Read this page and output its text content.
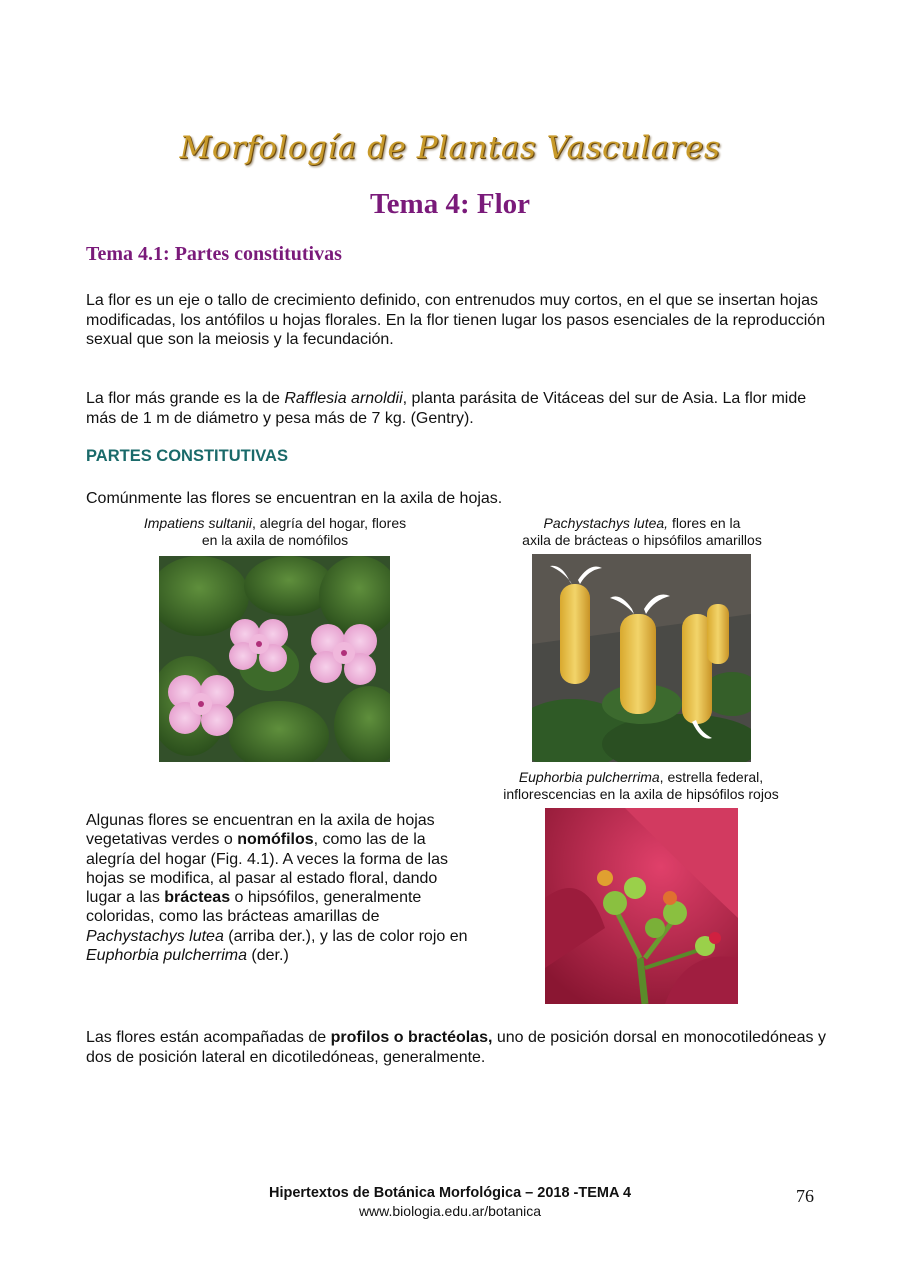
Morfología de Plantas Vasculares
Tema 4: Flor
Tema 4.1: Partes constitutivas
La flor es un eje o tallo de crecimiento definido, con entrenudos muy cortos, en el que se insertan hojas modificadas, los antófilos u hojas florales. En la flor tienen lugar los pasos esenciales de la reproducción sexual que son la meiosis y la fecundación.
La flor más grande es la de Rafflesia arnoldii, planta parásita de Vitáceas del sur de Asia. La flor mide más de 1 m de diámetro y pesa más de 7 kg. (Gentry).
PARTES CONSTITUTIVAS
Comúnmente las flores se encuentran en la axila de hojas.
Impatiens sultanii, alegría del hogar, flores
en la axila de nomófilos
Pachystachys lutea, flores en la
axila de brácteas o hipsófilos amarillos
Euphorbia pulcherrima, estrella federal,
inflorescencias en la axila de hipsófilos rojos
Algunas flores se encuentran en la axila de hojas vegetativas verdes o nomófilos, como las de la alegría del hogar (Fig. 4.1). A veces la forma de las hojas se modifica, al pasar al estado floral, dando lugar a las brácteas o hipsófilos, generalmente coloridas, como las brácteas amarillas de Pachystachys lutea (arriba der.), y las de color rojo en Euphorbia pulcherrima (der.)
Las flores están acompañadas de profilos o bractéolas, uno de posición dorsal en monocotiledóneas y dos de posición lateral en dicotiledóneas, generalmente.
Hipertextos de Botánica Morfológica – 2018 -TEMA 4
www.biologia.edu.ar/botanica
76
